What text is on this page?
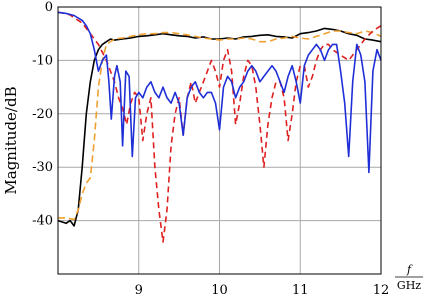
0
-10
-20
-30
-40
9	10	11	12
Magnitude/dB
f
GHz
